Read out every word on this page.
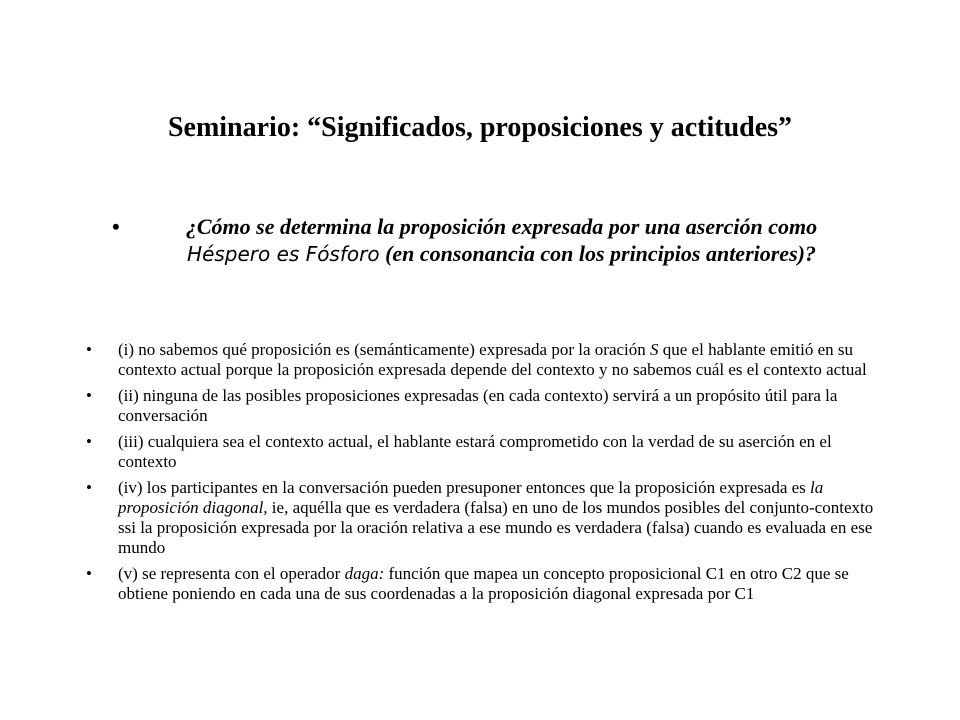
Seminario: “Significados, proposiciones y actitudes”
•	¿Cómo se determina la proposición expresada por una aserción como Héspero es Fósforo (en consonancia con los principios anteriores)?
• (i) no sabemos qué proposición es (semánticamente) expresada por la oración S que el hablante emitió en su contexto actual porque la proposición expresada depende del contexto y no sabemos cuál es el contexto actual
• (ii) ninguna de las posibles proposiciones expresadas (en cada contexto) servirá a un propósito útil para la conversación
• (iii) cualquiera sea el contexto actual, el hablante estará comprometido con la verdad de su aserción en el contexto
• (iv) los participantes en la conversación pueden presuponer entonces que la proposición expresada es la proposición diagonal, ie, aquélla que es verdadera (falsa) en uno de los mundos posibles del conjunto-contexto ssi la proposición expresada por la oración relativa a ese mundo es verdadera (falsa) cuando es evaluada en ese mundo
• (v) se representa con el operador daga: función que mapea un concepto proposicional C1 en otro C2 que se obtiene poniendo en cada una de sus coordenadas a la proposición diagonal expresada por C1
